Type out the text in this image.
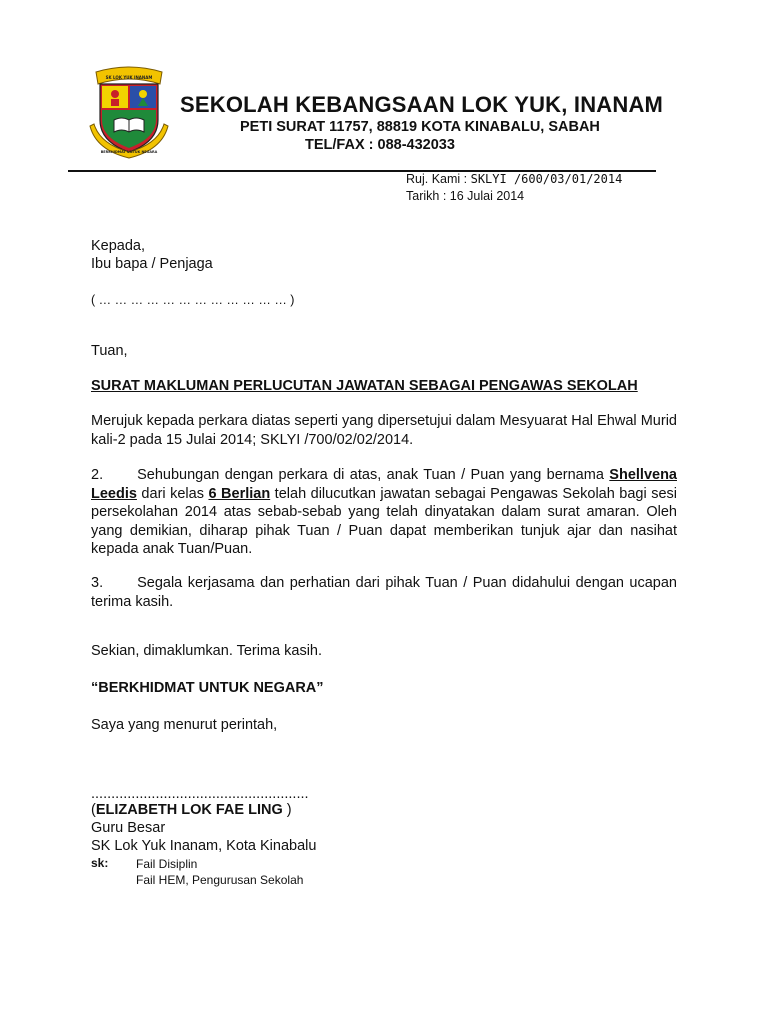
SK LOK YUK INANAM
BERKHIDMAT UNTUK NEGARA
SEKOLAH KEBANGSAAN LOK YUK, INANAM
PETI SURAT 11757, 88819 KOTA KINABALU, SABAH
TEL/FAX : 088-432033
Ruj. Kami : SKLYI /600/03/01/2014
Tarikh : 16 Julai 2014
Kepada,
Ibu bapa / Penjaga
( … … … … … … … … … … … … )
Tuan,
SURAT MAKLUMAN PERLUCUTAN JAWATAN SEBAGAI PENGAWAS SEKOLAH
Merujuk kepada perkara diatas seperti yang dipersetujui dalam Mesyuarat Hal Ehwal Murid kali-2 pada 15 Julai 2014; SKLYI /700/02/02/2014.
2. Sehubungan dengan perkara di atas, anak Tuan / Puan yang bernama Shellvena Leedis dari kelas 6 Berlian telah dilucutkan jawatan sebagai Pengawas Sekolah bagi sesi persekolahan 2014 atas sebab-sebab yang telah dinyatakan dalam surat amaran. Oleh yang demikian, diharap pihak Tuan / Puan dapat memberikan tunjuk ajar dan nasihat kepada anak Tuan/Puan.
3. Segala kerjasama dan perhatian dari pihak Tuan / Puan didahului dengan ucapan terima kasih.
Sekian, dimaklumkan. Terima kasih.
“BERKHIDMAT UNTUK NEGARA”
Saya yang menurut perintah,
......................................................
(ELIZABETH LOK FAE LING )
Guru Besar
SK Lok Yuk Inanam, Kota Kinabalu
sk: Fail Disiplin
Fail HEM, Pengurusan Sekolah
